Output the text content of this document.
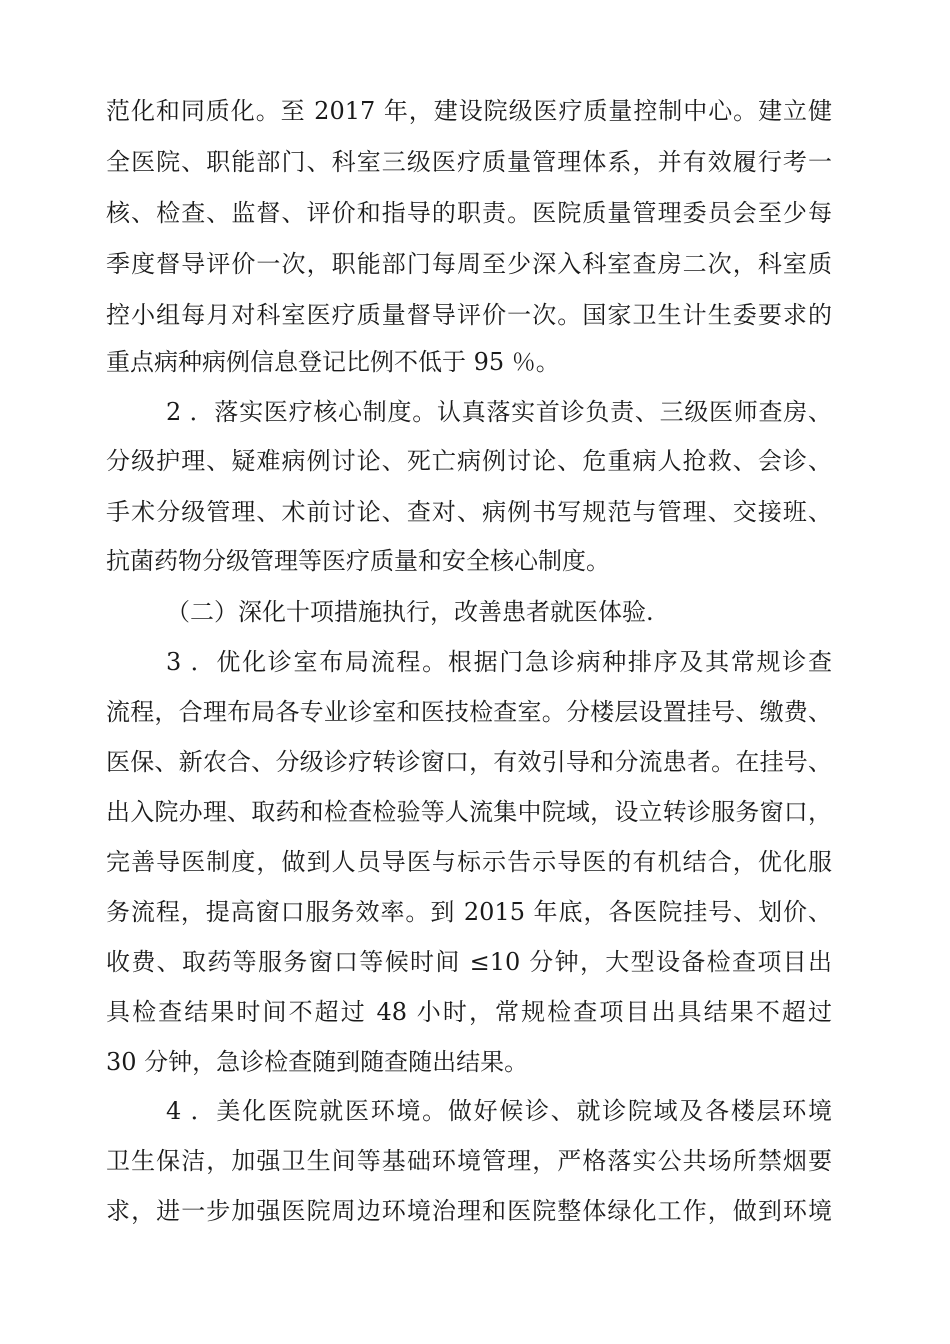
范化和同质化。至 2017 年，建设院级医疗质量控制中心。建立健
全医院、职能部门、科室三级医疗质量管理体系，并有效履行考一
核、检查、监督、评价和指导的职责。医院质量管理委员会至少每
季度督导评价一次，职能部门每周至少深入科室查房二次，科室质
控小组每月对科室医疗质量督导评价一次。国家卫生计生委要求的
重点病种病例信息登记比例不低于 95 ％。
2 ．落实医疗核心制度。认真落实首诊负责、三级医师查房、
分级护理、疑难病例讨论、死亡病例讨论、危重病人抢救、会诊、
手术分级管理、术前讨论、查对、病例书写规范与管理、交接班、
抗菌药物分级管理等医疗质量和安全核心制度。
（二）深化十项措施执行，改善患者就医体验.
3 ．优化诊室布局流程。根据门急诊病种排序及其常规诊查
流程，合理布局各专业诊室和医技检查室。分楼层设置挂号、缴费、
医保、新农合、分级诊疗转诊窗口，有效引导和分流患者。在挂号、
出入院办理、取药和检查检验等人流集中院域，设立转诊服务窗口，
完善导医制度，做到人员导医与标示告示导医的有机结合，优化服
务流程，提高窗口服务效率。到 2015 年底，各医院挂号、划价、
收费、取药等服务窗口等候时间 ≤10 分钟，大型设备检查项目出
具检查结果时间不超过 48 小时，常规检查项目出具结果不超过
30 分钟，急诊检查随到随查随出结果。
4 ．美化医院就医环境。做好候诊、就诊院域及各楼层环境
卫生保洁，加强卫生间等基础环境管理，严格落实公共场所禁烟要
求，进一步加强医院周边环境治理和医院整体绿化工作，做到环境
